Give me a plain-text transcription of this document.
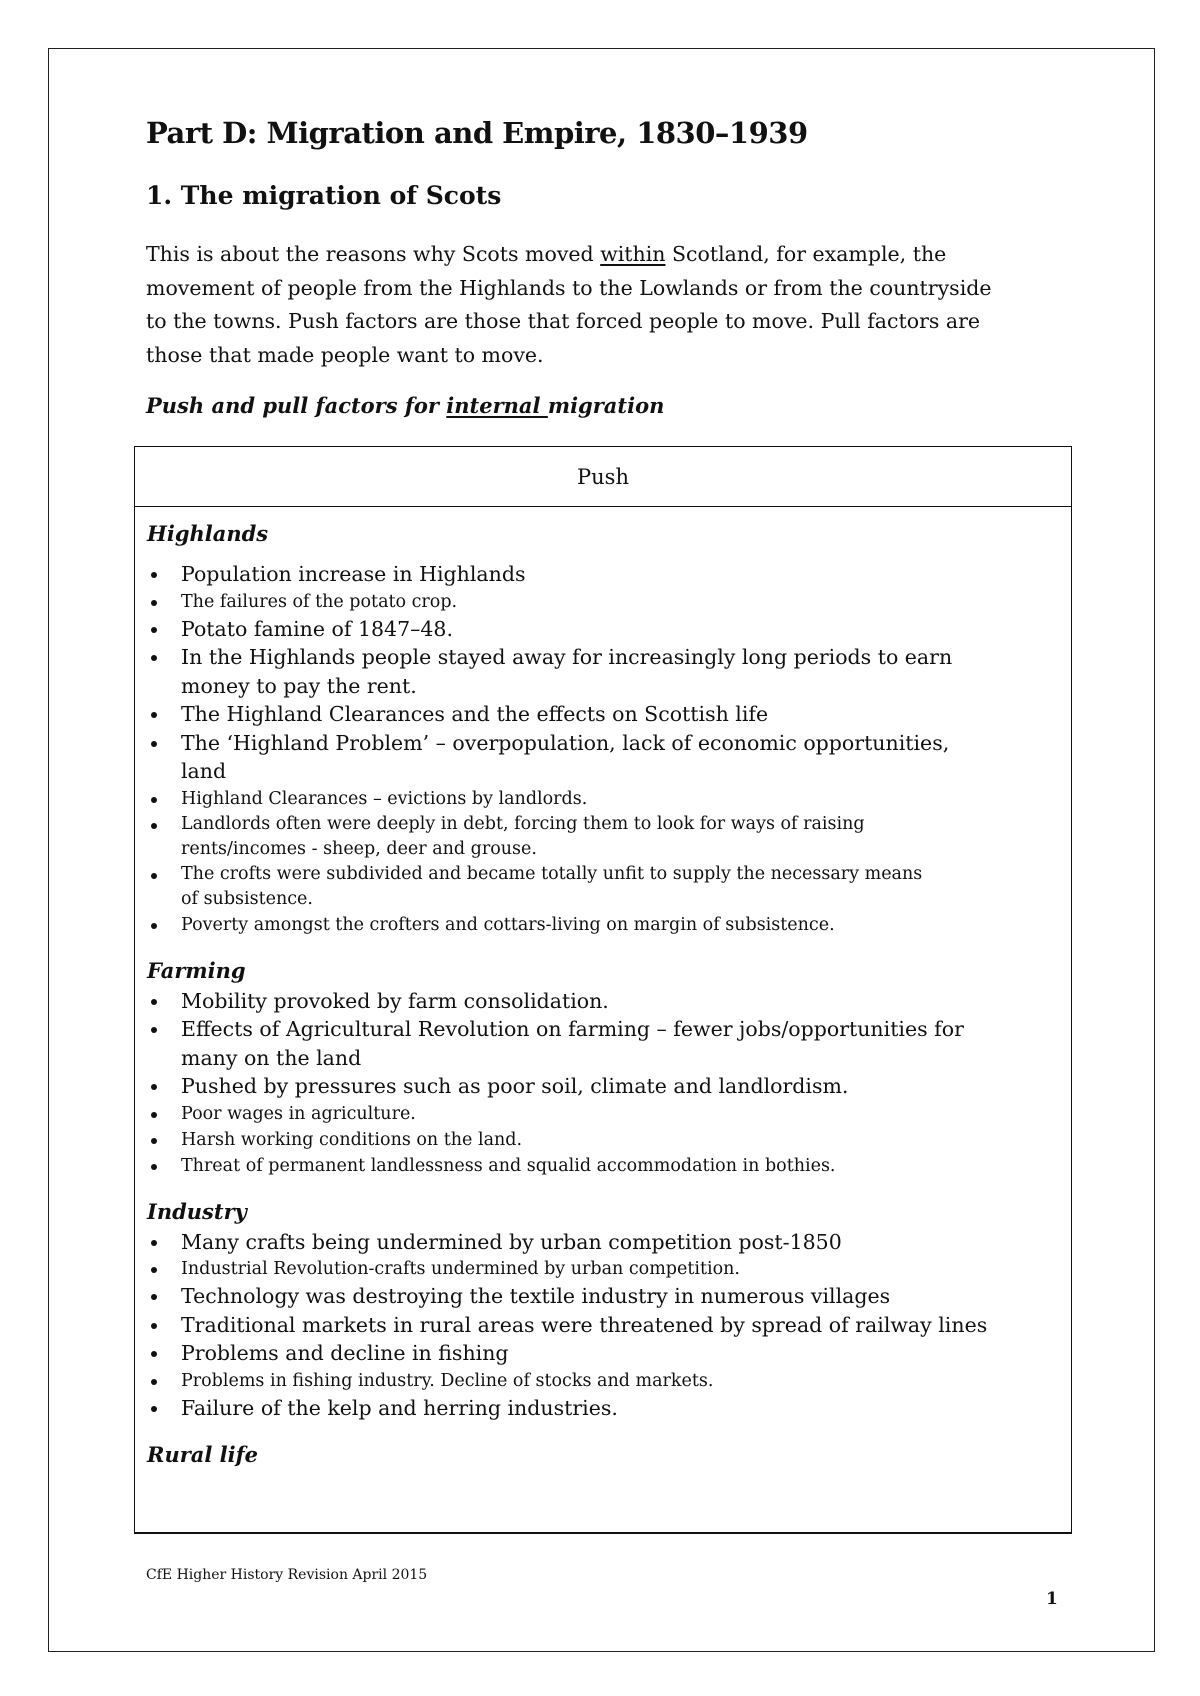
Part D: Migration and Empire, 1830–1939
1. The migration of Scots

This is about the reasons why Scots moved within Scotland, for example, the

movement of people from the Highlands to the Lowlands or from the countryside

to the towns. Push factors are those that forced people to move. Pull factors are

those that made people want to move.

Push and pull factors for internal migration
Push
Highlands
Population increase in Highlands
The failures of the potato crop.
Potato famine of 1847–48.
In the Highlands people stayed away for increasingly long periods to earn
money to pay the rent.
The Highland Clearances and the effects on Scottish life
The ‘Highland Problem’ – overpopulation, lack of economic opportunities,
land
Highland Clearances – evictions by landlords.
Landlords often were deeply in debt, forcing them to look for ways of raising
rents/incomes - sheep, deer and grouse.
The crofts were subdivided and became totally unfit to supply the necessary means
of subsistence.
Poverty amongst the crofters and cottars-living on margin of subsistence.
Farming
Mobility provoked by farm consolidation.
Effects of Agricultural Revolution on farming – fewer jobs/opportunities for
many on the land
Pushed by pressures such as poor soil, climate and landlordism.
Poor wages in agriculture.
Harsh working conditions on the land.
Threat of permanent landlessness and squalid accommodation in bothies.
Industry
Many crafts being undermined by urban competition post-1850
Industrial Revolution-crafts undermined by urban competition.
Technology was destroying the textile industry in numerous villages
Traditional markets in rural areas were threatened by spread of railway lines
Problems and decline in fishing
Problems in fishing industry. Decline of stocks and markets.
Failure of the kelp and herring industries.
Rural life
CfE Higher History Revision April 2015
1
